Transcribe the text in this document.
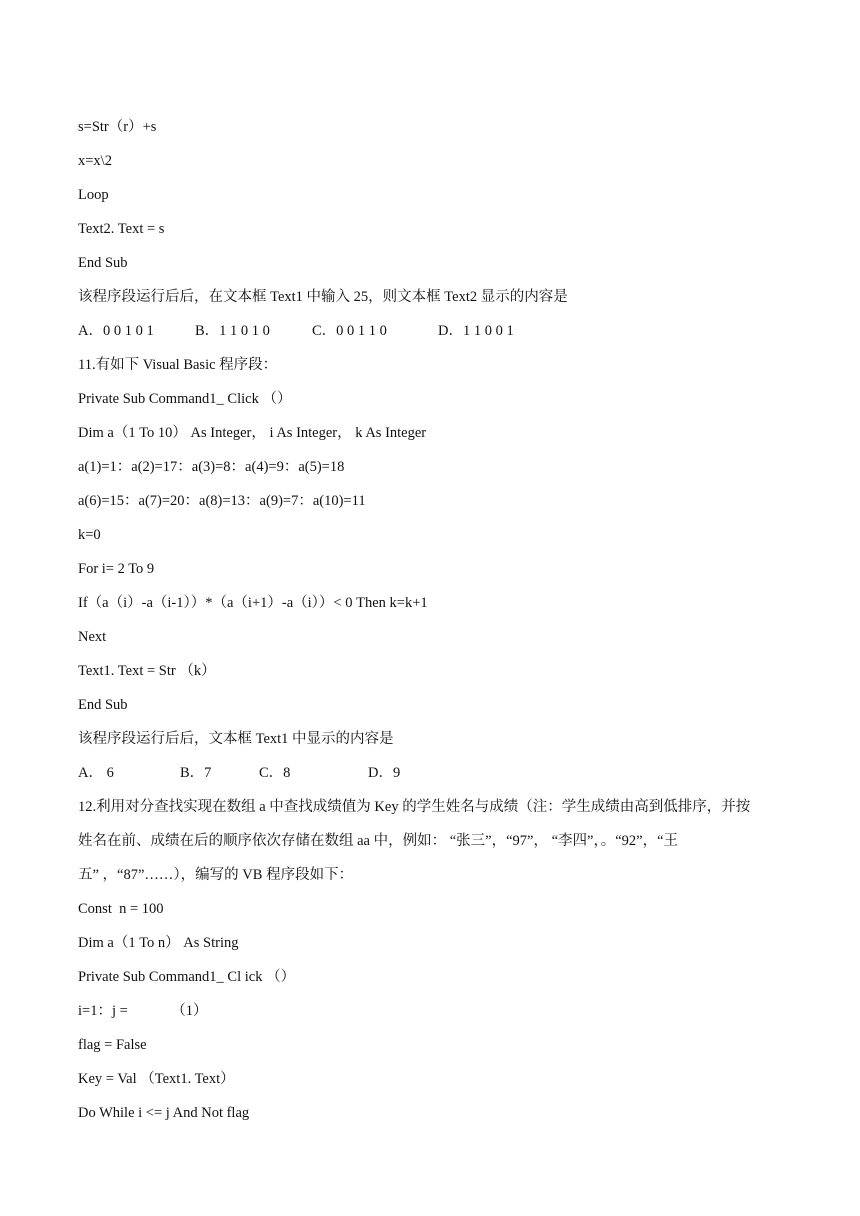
s=Str（r）+s
x=x\2
Loop
Text2. Text = s
End Sub
该程序段运行后后，在文本框 Text1 中输入 25，则文本框 Text2 显示的内容是
A．0 0 1 0 1	B．1 1 0 1 0	C．0 0 1 1 0	D．1 1 0 0 1
11.有如下 Visual Basic 程序段：
Private Sub Command1_ Click （）
Dim a（1 To 10） As Integer， i As Integer， k As Integer
a(1)=1：a(2)=17：a(3)=8：a(4)=9：a(5)=18
a(6)=15：a(7)=20：a(8)=13：a(9)=7：a(10)=11
k=0
For i= 2 To 9
If（a（i）-a（i-1））*（a（i+1）-a（i））< 0 Then k=k+1
Next
Text1. Text = Str （k）
End Sub
该程序段运行后后，文本框 Text1 中显示的内容是
A． 6	B．7	C．8	D．9
12.利用对分查找实现在数组 a 中查找成绩值为 Key 的学生姓名与成绩（注：学生成绩由高到低排序，并按
姓名在前、成绩在后的顺序依次存储在数组 aa 中，例如： “张三”，“97”， “李四”，。“92”，“王
五” ，“87”……），编写的 VB 程序段如下：
Const  n = 100
Dim a（1 To n） As String
Private Sub Command1_ Cl ick （）
i=1：j =            （1）
flag = False
Key = Val （Text1. Text）
Do While i <= j And Not flag
